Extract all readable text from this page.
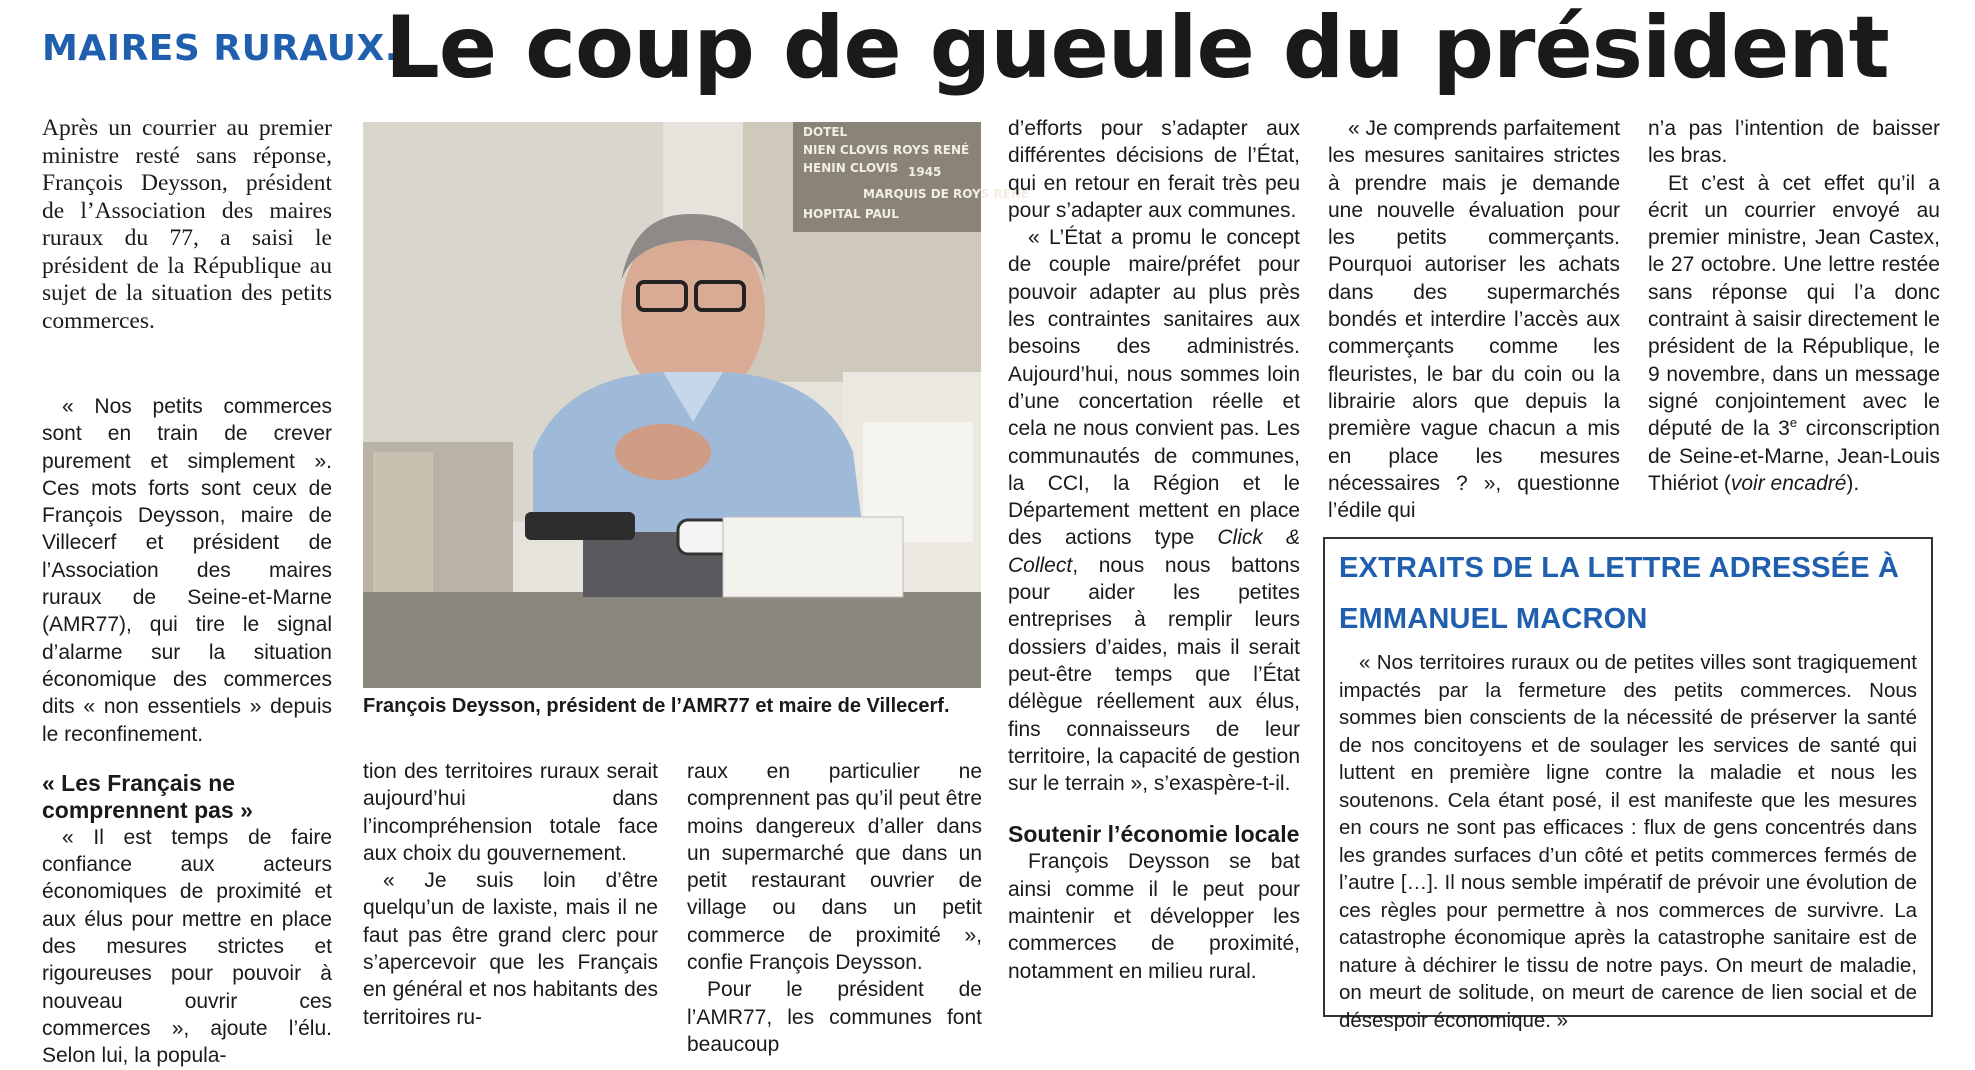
MAIRES RURAUX.
Le coup de gueule du président
Après un courrier au premier ministre resté sans réponse, François Deysson, président de l’Association des maires ruraux du 77, a saisi le président de la République au sujet de la situation des petits commerces.

« Nos petits commerces sont en train de crever purement et simplement ». Ces mots forts sont ceux de François Deysson, maire de Villecerf et président de l’Association des maires ruraux de Seine-et-Marne (AMR77), qui tire le signal d’alarme sur la situation économique des commerces dits « non essentiels » depuis le reconfinement.

« Les Français ne comprennent pas »

« Il est temps de faire confiance aux acteurs économiques de proximité et aux élus pour mettre en place des mesures strictes et rigoureuses pour pouvoir à nouveau ouvrir ces commerces », ajoute l’élu. Selon lui, la popula-

DOTEL
NIEN CLOVIS
HENIN CLOVIS
ROYS RENÉ
1945
MARQUIS DE ROYS RENÉ
HOPITAL PAUL
François Deysson, président de l’AMR77 et maire de Villecerf.

tion des territoires ruraux serait aujourd’hui dans l’incompréhension totale face aux choix du gouvernement.

« Je suis loin d’être quelqu’un de laxiste, mais il ne faut pas être grand clerc pour s’apercevoir que les Français en général et nos habitants des territoires ru-

raux en particulier ne comprennent pas qu’il peut être moins dangereux d’aller dans un supermarché que dans un petit restaurant ouvrier de village ou dans un petit commerce de proximité », confie François Deysson.

Pour le président de l’AMR77, les communes font beaucoup

d’efforts pour s’adapter aux différentes décisions de l’État, qui en retour en ferait très peu pour s’adapter aux communes.

« L’État a promu le concept de couple maire/préfet pour pouvoir adapter au plus près les contraintes sanitaires aux besoins des administrés. Aujourd’hui, nous sommes loin d’une concertation réelle et cela ne nous convient pas. Les communautés de communes, la CCI, la Région et le Département mettent en place des actions type Click & Collect, nous nous battons pour aider les petites entreprises à remplir leurs dossiers d’aides, mais il serait peut-être temps que l’État délègue réellement aux élus, fins connaisseurs de leur territoire, la capacité de gestion sur le terrain », s’exaspère-t-il.

Soutenir l’économie locale

François Deysson se bat ainsi comme il le peut pour maintenir et développer les commerces de proximité, notamment en milieu rural.

« Je comprends parfaitement les mesures sanitaires strictes à prendre mais je demande une nouvelle évaluation pour les petits commerçants. Pourquoi autoriser les achats dans des supermarchés bondés et interdire l’accès aux commerçants comme les fleuristes, le bar du coin ou la librairie alors que depuis la première vague chacun a mis en place les mesures nécessaires ? », questionne l’édile qui

n’a pas l’intention de baisser les bras.

Et c’est à cet effet qu’il a écrit un courrier envoyé au premier ministre, Jean Castex, le 27 octobre. Une lettre restée sans réponse qui l’a donc contraint à saisir directement le président de la République, le 9 novembre, dans un message signé conjointement avec le député de la 3e circonscription de Seine-et-Marne, Jean-Louis Thiériot (voir encadré).

EXTRAITS DE LA LETTRE ADRESSÉE À EMMANUEL MACRON

« Nos territoires ruraux ou de petites villes sont tragiquement impactés par la fermeture des petits commerces. Nous sommes bien conscients de la nécessité de préserver la santé de nos concitoyens et de soulager les services de santé qui luttent en première ligne contre la maladie et nous les soutenons. Cela étant posé, il est manifeste que les mesures en cours ne sont pas efficaces : flux de gens concentrés dans les grandes surfaces d’un côté et petits commerces fermés de l’autre […]. Il nous semble impératif de prévoir une évolution de ces règles pour permettre à nos commerces de survivre. La catastrophe économique après la catastrophe sanitaire est de nature à déchirer le tissu de notre pays. On meurt de maladie, on meurt de solitude, on meurt de carence de lien social et de désespoir économique. »
